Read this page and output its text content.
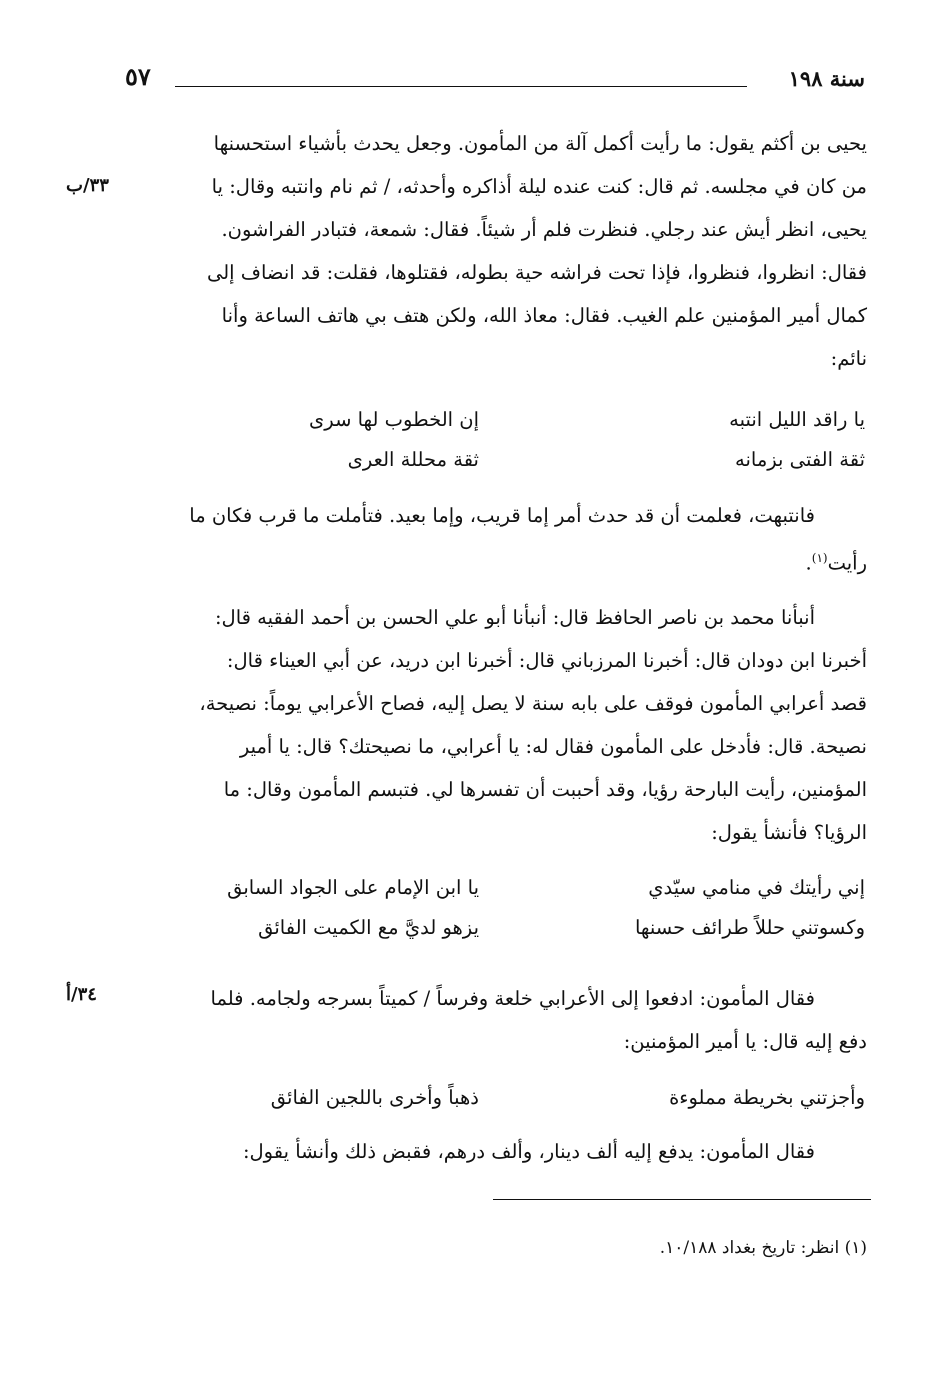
سنة ١٩٨
٥٧
يحيى بن أكثم يقول: ما رأيت أكمل آلة من المأمون. وجعل يحدث بأشياء استحسنها
من كان في مجلسه. ثم قال: كنت عنده ليلة أذاكره وأحدثه، / ثم نام وانتبه وقال: يا
يحيى، انظر أيش عند رجلي. فنظرت فلم أر شيئاً. فقال: شمعة، فتبادر الفراشون.
فقال: انظروا، فنظروا، فإذا تحت فراشه حية بطوله، فقتلوها، فقلت: قد انضاف إلى
كمال أمير المؤمنين علم الغيب. فقال: معاذ الله، ولكن هتف بي هاتف الساعة وأنا
نائم:
٣٣/ب
يا راقد الليل انتبه
إن الخطوب لها سرى
ثقة الفتى بزمانه
ثقة محللة العرى
فانتبهت، فعلمت أن قد حدث أمر إما قريب، وإما بعيد. فتأملت ما قرب فكان ما
رأيت$^{(١)}$.
أنبأنا محمد بن ناصر الحافظ قال: أنبأنا أبو علي الحسن بن أحمد الفقيه قال:
أخبرنا ابن دودان قال: أخبرنا المرزباني قال: أخبرنا ابن دريد، عن أبي العيناء قال:
قصد أعرابي المأمون فوقف على بابه سنة لا يصل إليه، فصاح الأعرابي يوماً: نصيحة،
نصيحة. قال: فأدخل على المأمون فقال له: يا أعرابي، ما نصيحتك؟ قال: يا أمير
المؤمنين، رأيت البارحة رؤيا، وقد أحببت أن تفسرها لي. فتبسم المأمون وقال: ما
الرؤيا؟ فأنشأ يقول:
إني رأيتك في منامي سيّدي
يا ابن الإمام على الجواد السابق
وكسوتني حللاً طرائف حسنها
يزهو لديَّ مع الكميت الفائق
فقال المأمون: ادفعوا إلى الأعرابي خلعة وفرساً / كميتاً بسرجه ولجامه. فلما
دفع إليه قال: يا أمير المؤمنين:
٣٤/أ
وأجزتني بخريطة مملوءة
ذهباً وأخرى باللجين الفائق
فقال المأمون: يدفع إليه ألف دينار، وألف درهم، فقبض ذلك وأنشأ يقول:
(١) انظر: تاريخ بغداد ١٠/١٨٨.
